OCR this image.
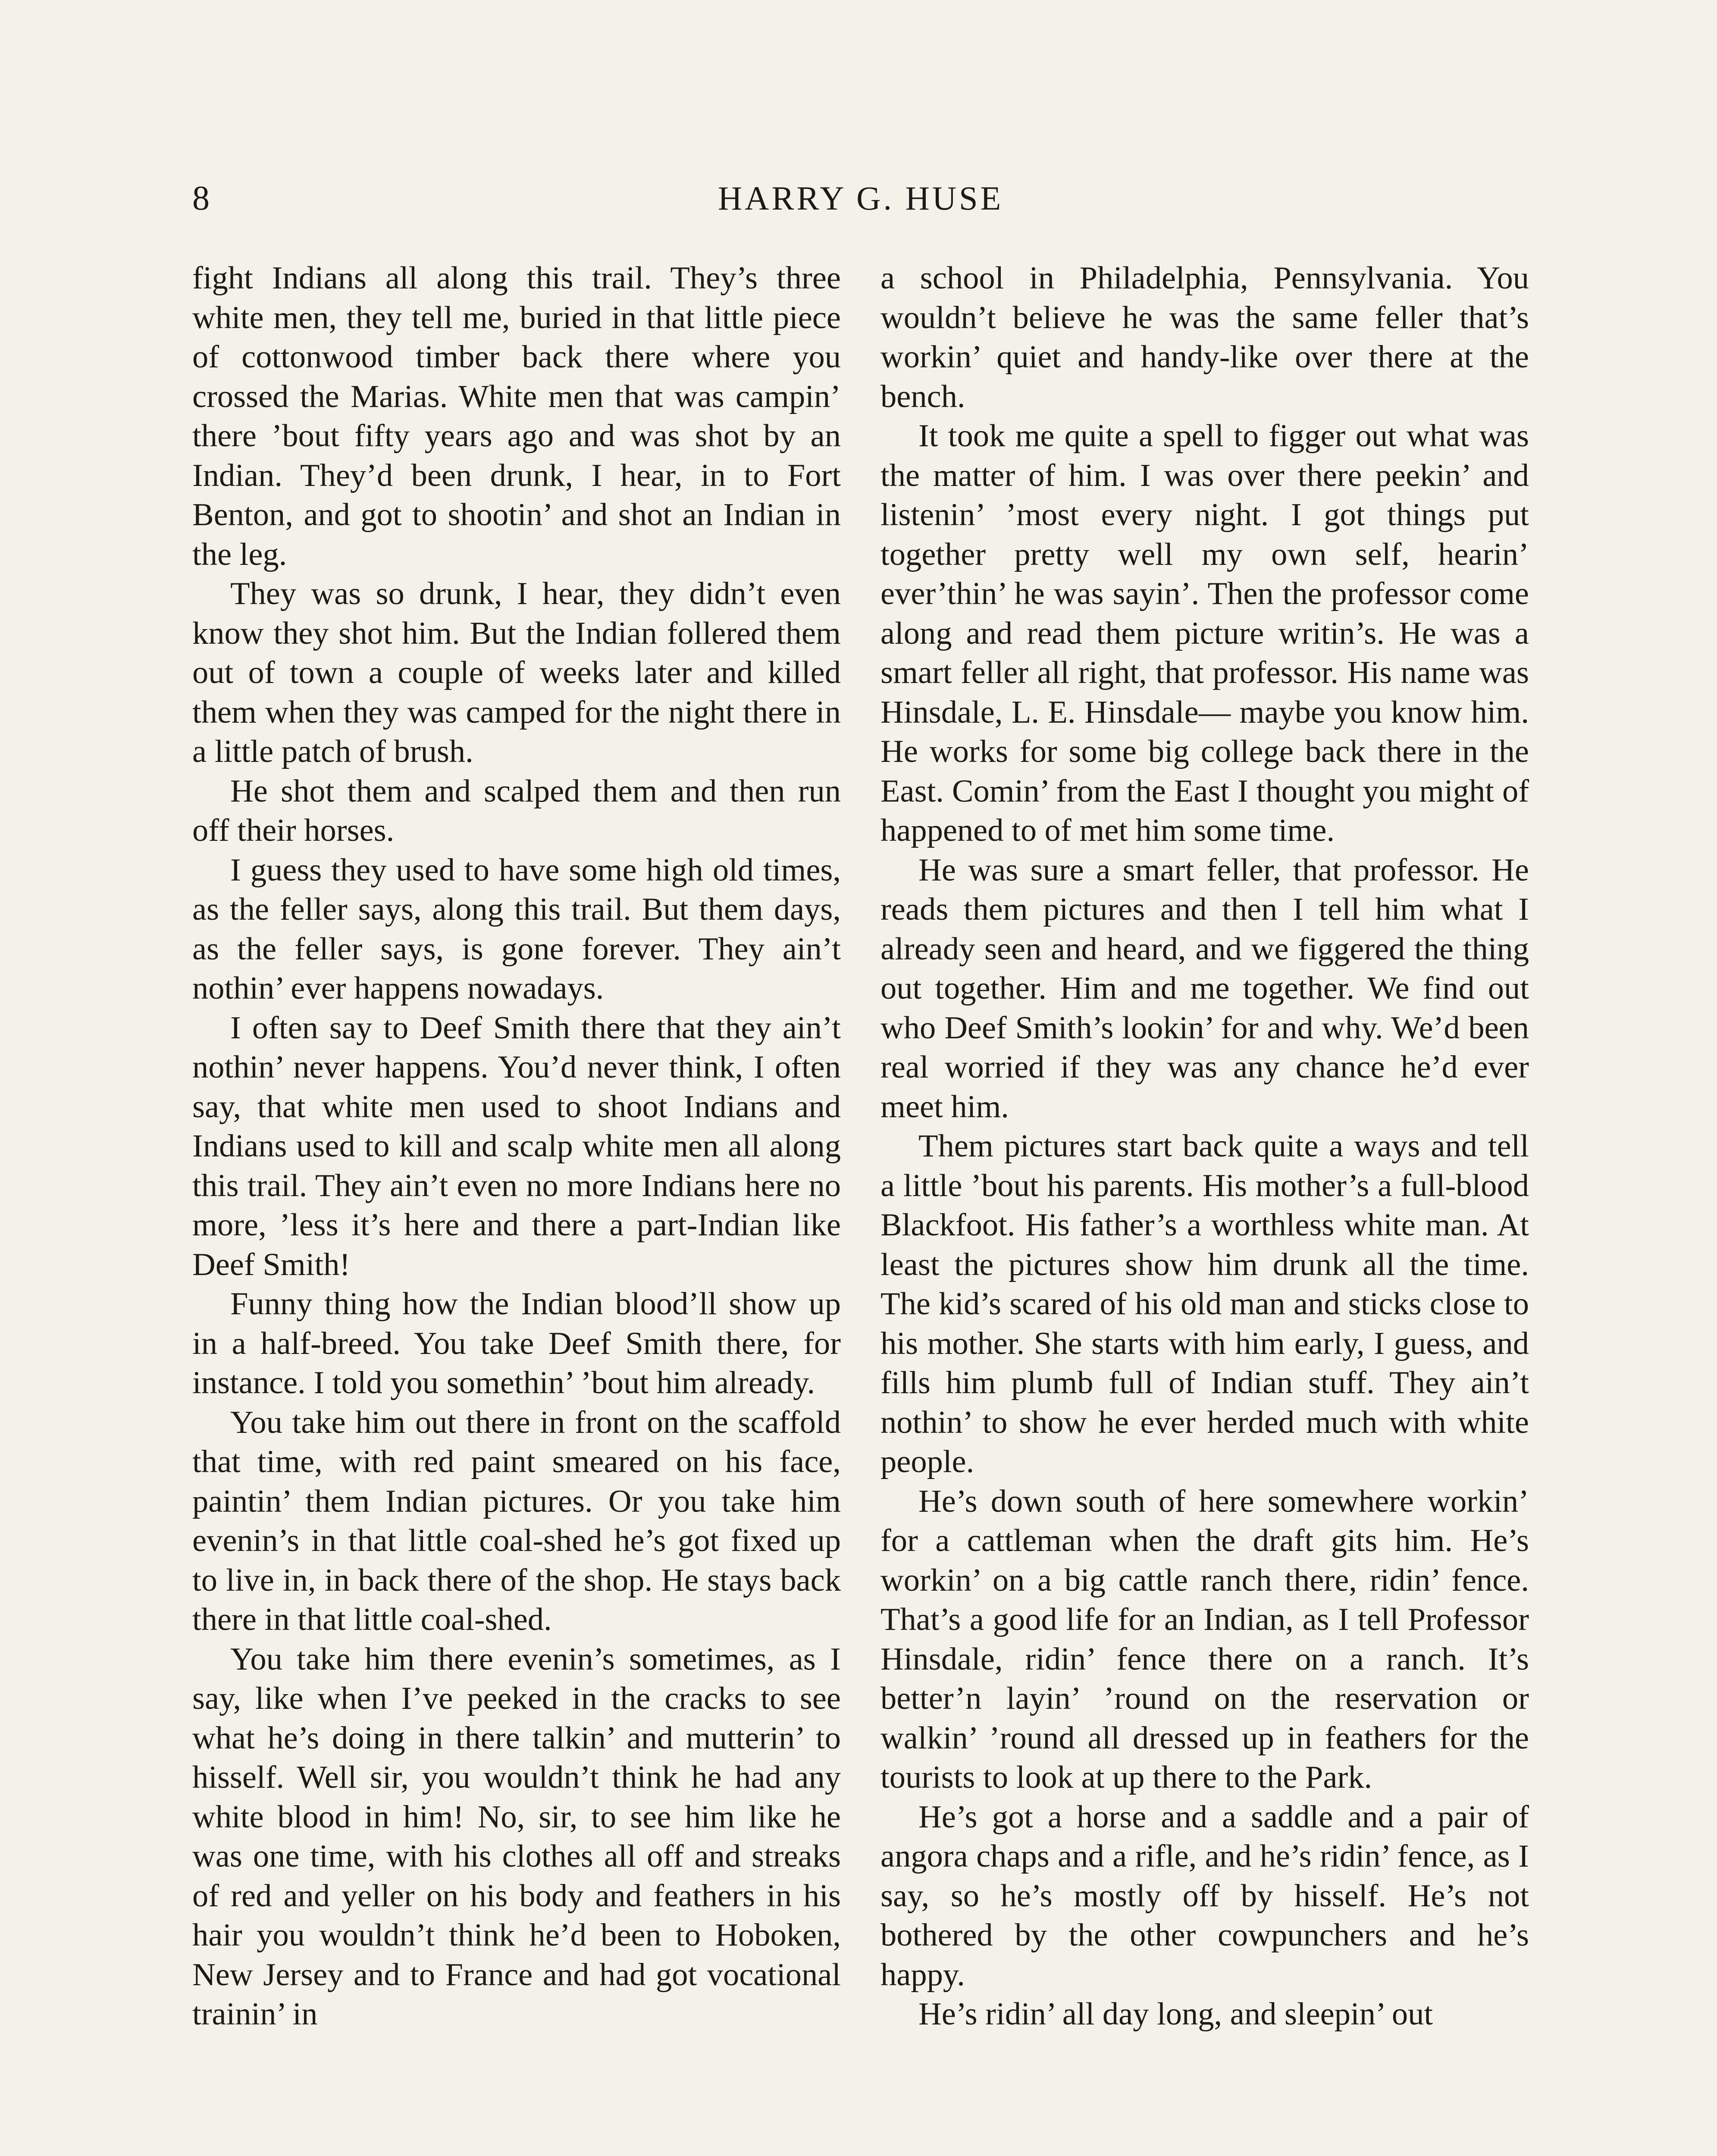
8	HARRY G. HUSE

fight Indians all along this trail. They’s three white men, they tell me, buried in that little piece of cottonwood timber back there where you crossed the Marias. White men that was campin’ there ’bout fifty years ago and was shot by an Indian. They’d been drunk, I hear, in to Fort Benton, and got to shootin’ and shot an Indian in the leg.

They was so drunk, I hear, they didn’t even know they shot him. But the Indian follered them out of town a couple of weeks later and killed them when they was camped for the night there in a little patch of brush.

He shot them and scalped them and then run off their horses.

I guess they used to have some high old times, as the feller says, along this trail. But them days, as the feller says, is gone forever. They ain’t nothin’ ever happens nowadays.

I often say to Deef Smith there that they ain’t nothin’ never happens. You’d never think, I often say, that white men used to shoot Indians and Indians used to kill and scalp white men all along this trail. They ain’t even no more Indians here no more, ’less it’s here and there a part-Indian like Deef Smith!

Funny thing how the Indian blood’ll show up in a half-breed. You take Deef Smith there, for instance. I told you somethin’ ’bout him already.

You take him out there in front on the scaffold that time, with red paint smeared on his face, paintin’ them Indian pictures. Or you take him evenin’s in that little coal-shed he’s got fixed up to live in, in back there of the shop. He stays back there in that little coal-shed.

You take him there evenin’s sometimes, as I say, like when I’ve peeked in the cracks to see what he’s doing in there talkin’ and mutterin’ to hisself. Well sir, you wouldn’t think he had any white blood in him! No, sir, to see him like he was one time, with his clothes all off and streaks of red and yeller on his body and feathers in his hair you wouldn’t think he’d been to Hoboken, New Jersey and to France and had got vocational trainin’ in

a school in Philadelphia, Pennsylvania. You wouldn’t believe he was the same feller that’s workin’ quiet and handy-like over there at the bench.

It took me quite a spell to figger out what was the matter of him. I was over there peekin’ and listenin’ ’most every night. I got things put together pretty well my own self, hearin’ ever’thin’ he was sayin’. Then the professor come along and read them picture writin’s. He was a smart feller all right, that professor. His name was Hinsdale, L. E. Hinsdale— maybe you know him. He works for some big college back there in the East. Comin’ from the East I thought you might of happened to of met him some time.

He was sure a smart feller, that professor. He reads them pictures and then I tell him what I already seen and heard, and we figgered the thing out together. Him and me together. We find out who Deef Smith’s lookin’ for and why. We’d been real worried if they was any chance he’d ever meet him.

Them pictures start back quite a ways and tell a little ’bout his parents. His mother’s a full-blood Blackfoot. His father’s a worthless white man. At least the pictures show him drunk all the time. The kid’s scared of his old man and sticks close to his mother. She starts with him early, I guess, and fills him plumb full of Indian stuff. They ain’t nothin’ to show he ever herded much with white people.

He’s down south of here somewhere workin’ for a cattleman when the draft gits him. He’s workin’ on a big cattle ranch there, ridin’ fence. That’s a good life for an Indian, as I tell Professor Hinsdale, ridin’ fence there on a ranch. It’s better’n layin’ ’round on the reservation or walkin’ ’round all dressed up in feathers for the tourists to look at up there to the Park.

He’s got a horse and a saddle and a pair of angora chaps and a rifle, and he’s ridin’ fence, as I say, so he’s mostly off by hisself. He’s not bothered by the other cowpunchers and he’s happy.

He’s ridin’ all day long, and sleepin’ out
